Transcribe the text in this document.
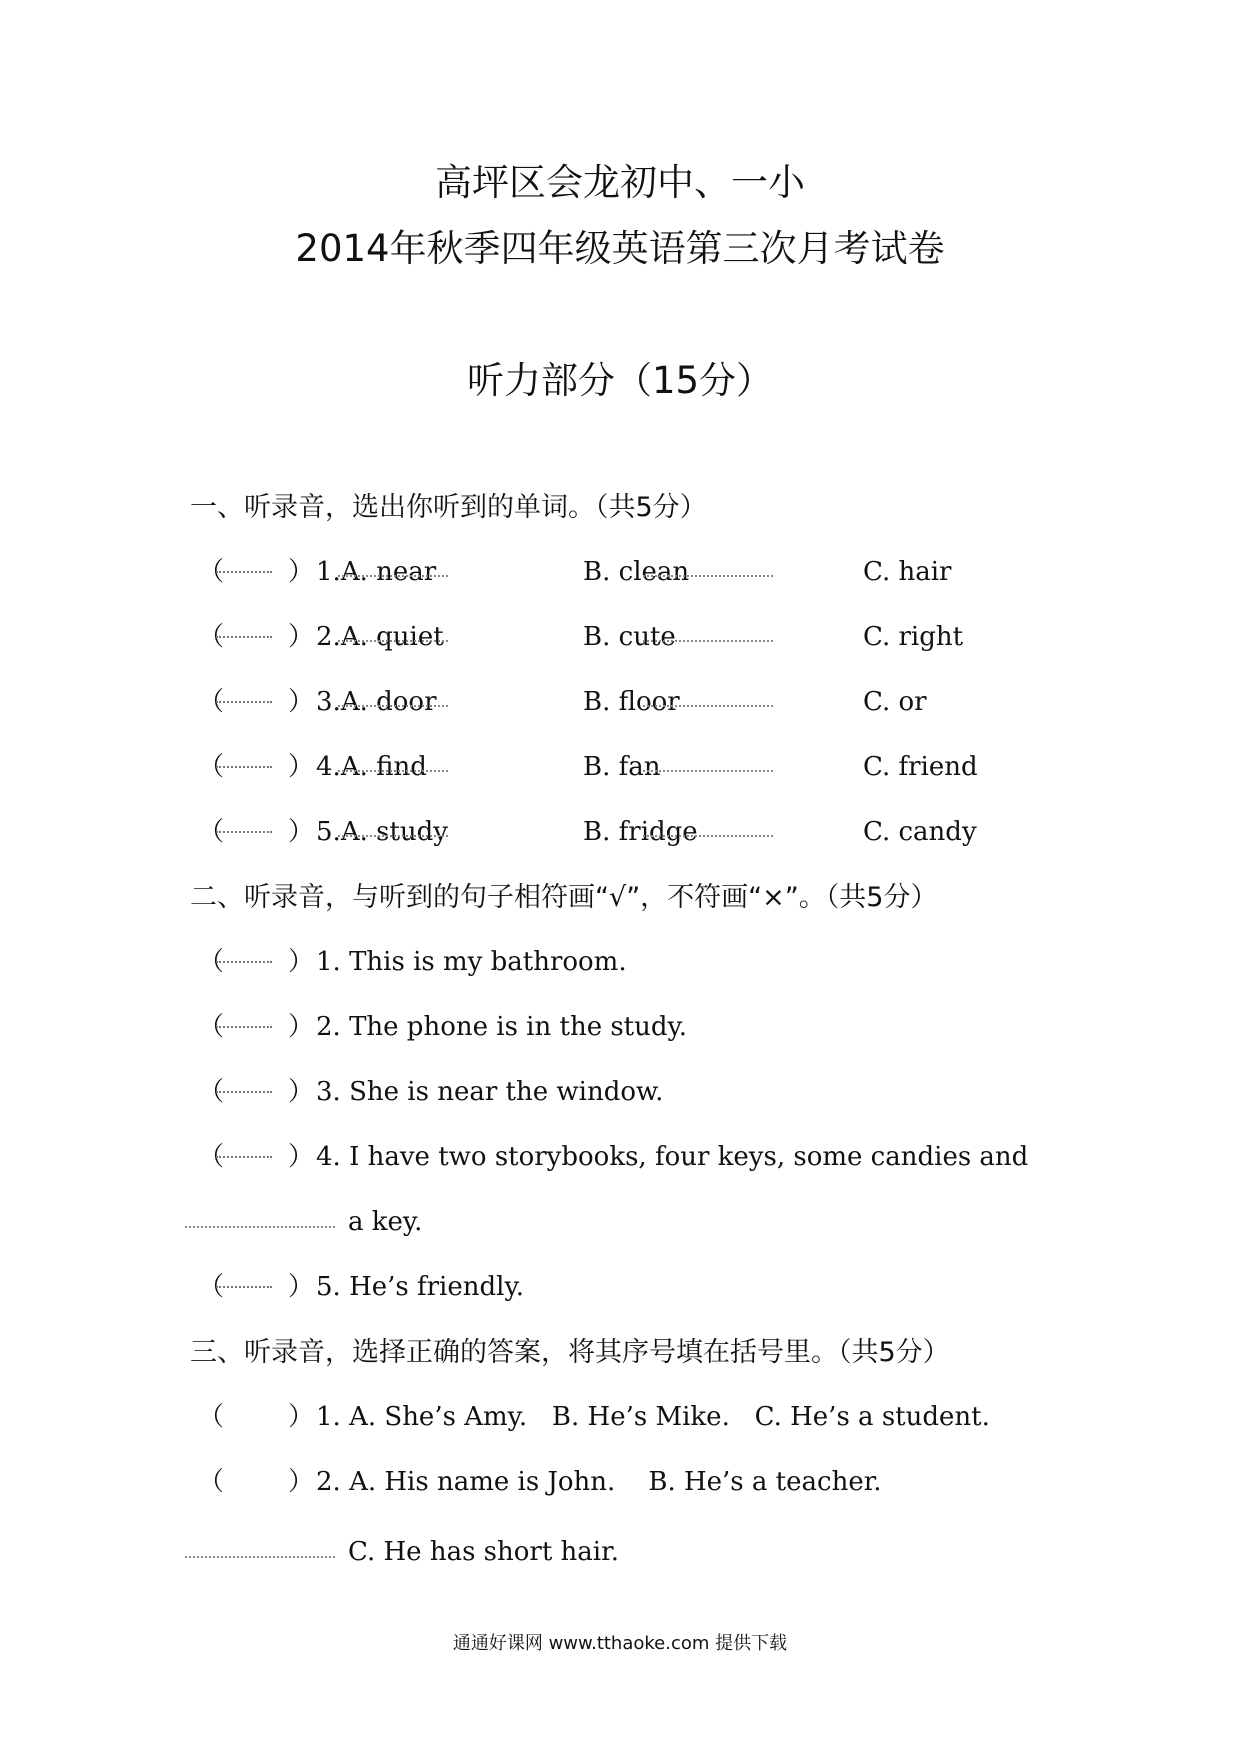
高坪区会龙初中、一小
2014年秋季四年级英语第三次月考试卷
听力部分（15分）
一、听录音，选出你听到的单词。（共5分）
（ ） 1.A. near	B. clean	C. hair
（ ） 2.A. quiet	B. cute	C. right
（ ） 3.A. door	B. floor	C. or
（ ） 4.A. find	B. fan	C. friend
（ ） 5.A. study	B. fridge	C. candy
二、听录音，与听到的句子相符画“√”，不符画“×”。（共5分）
（ ） 1. This is my bathroom.
（ ） 2. The phone is in the study.
（ ） 3. She is near the window.
（ ） 4. I have two storybooks, four keys, some candies and
a key.
（ ） 5. He’s friendly.
三、听录音，选择正确的答案，将其序号填在括号里。（共5分）
（ ） 1. A. She’s Amy.   B. He’s Mike.   C. He’s a student.
（ ） 2. A. His name is John.    B. He’s a teacher.
C. He has short hair.
通通好课网 www.tthaoke.com 提供下载
